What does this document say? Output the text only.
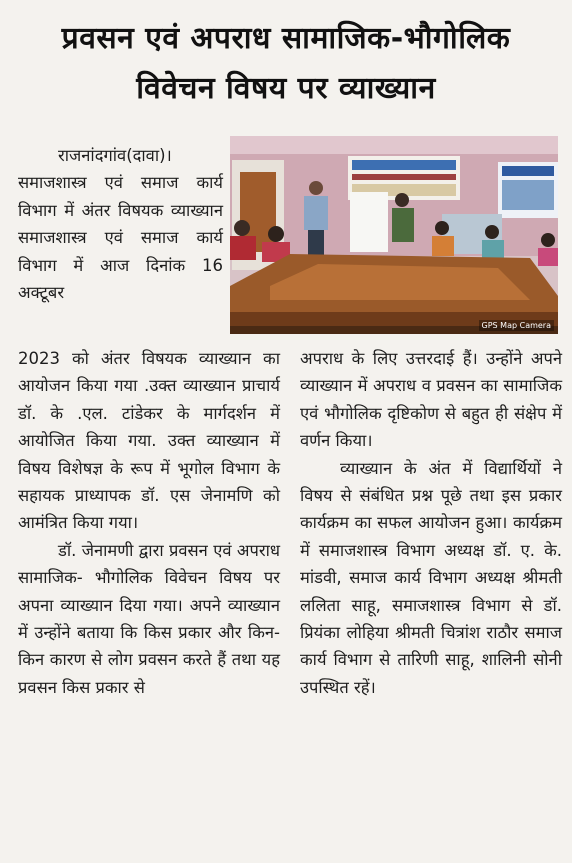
प्रवसन एवं अपराध सामाजिक-भौगोलिक
विवेचन विषय पर व्याख्यान

राजनांदगांव(दावा)। समाजशास्त्र एवं समाज कार्य विभाग में अंतर विषयक व्याख्यान समाजशास्त्र एवं समाज कार्य विभाग में आज दिनांक 16 अक्टूबर

GPS Map Camera

2023 को अंतर विषयक व्याख्यान का आयोजन किया गया .उक्त व्याख्यान प्राचार्य डॉ. के .एल. टांडेकर के मार्गदर्शन में आयोजित किया गया. उक्त व्याख्यान में विषय विशेषज्ञ के रूप में भूगोल विभाग के सहायक प्राध्यापक डॉ. एस जेनामणि को आमंत्रित किया गया।

डॉ. जेनामणी द्वारा प्रवसन एवं अपराध सामाजिक- भौगोलिक विवेचन विषय पर अपना व्याख्यान दिया गया। अपने व्याख्यान में उन्होंने बताया कि किस प्रकार और किन-किन कारण से लोग प्रवसन करते हैं तथा यह प्रवसन किस प्रकार से

अपराध के लिए उत्तरदाई हैं। उन्होंने अपने व्याख्यान में अपराध व प्रवसन का सामाजिक एवं भौगोलिक दृष्टिकोण से बहुत ही संक्षेप में वर्णन किया।

व्याख्यान के अंत में विद्यार्थियों ने विषय से संबंधित प्रश्न पूछे तथा इस प्रकार कार्यक्रम का सफल आयोजन हुआ। कार्यक्रम में समाजशास्त्र विभाग अध्यक्ष डॉ. ए. के. मांडवी, समाज कार्य विभाग अध्यक्ष श्रीमती ललिता साहू, समाजशास्त्र विभाग से डॉ. प्रियंका लोहिया श्रीमती चित्रांश राठौर समाज कार्य विभाग से तारिणी साहू, शालिनी सोनी उपस्थित रहें।
